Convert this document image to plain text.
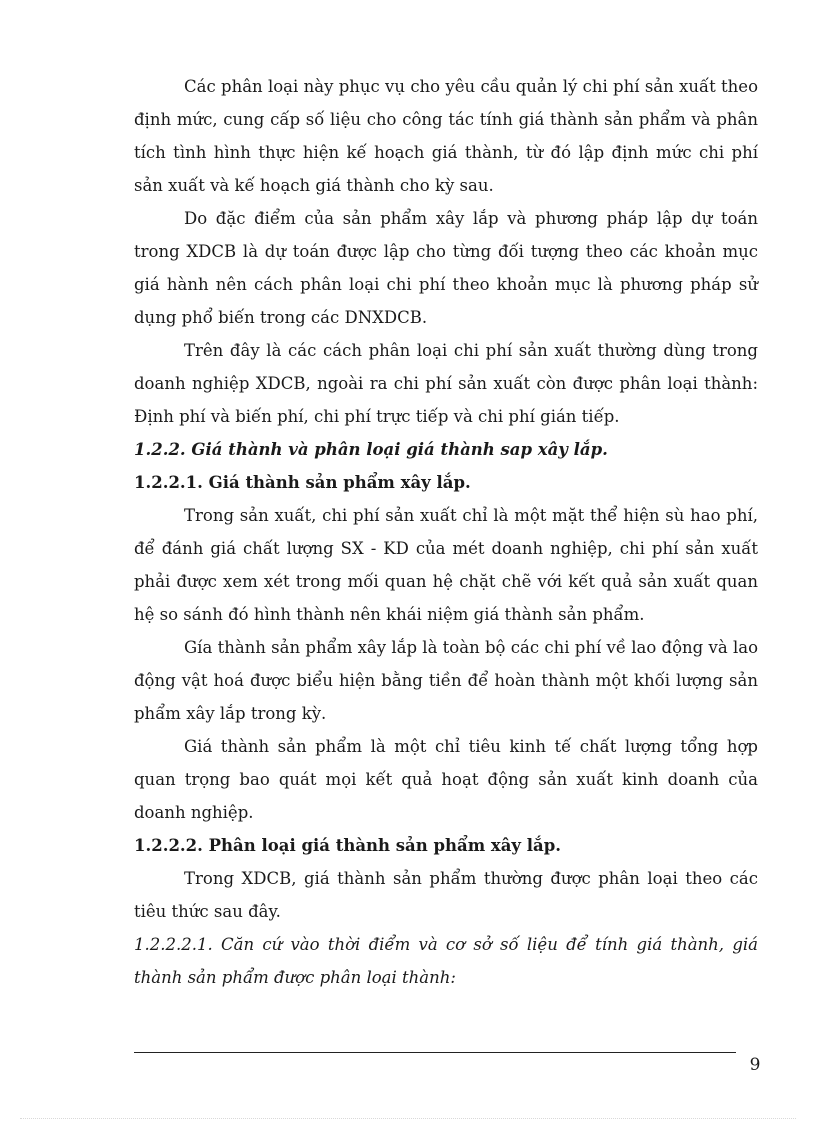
Các phân loại này phục vụ cho yêu cầu quản lý chi phí sản xuất theo định mức, cung cấp số liệu cho công tác tính giá thành sản phẩm và phân tích tình hình thực hiện kế hoạch giá thành, từ đó lập định mức chi phí sản xuất và kế hoạch giá thành cho kỳ sau.

Do đặc điểm của sản phẩm xây lắp và phương pháp lập dự toán trong XDCB là dự toán được lập cho từng đối tượng theo các khoản mục giá hành nên cách phân loại chi phí theo khoản mục là phương pháp sử dụng phổ biến trong các DNXDCB.

Trên đây là các cách phân loại chi phí sản xuất thường dùng trong doanh nghiệp XDCB, ngoài ra chi phí sản xuất còn được phân loại thành: Định phí và biến phí, chi phí trực tiếp và chi phí gián tiếp.

1.2.2. Giá thành và phân loại giá thành sap xây lắp.

1.2.2.1. Giá thành sản phẩm xây lắp.

Trong sản xuất, chi phí sản xuất chỉ là một mặt thể hiện sù hao phí, để đánh giá chất lượng SX - KD của mét doanh nghiệp, chi phí sản xuất phải được xem xét trong mối quan hệ chặt chẽ với kết quả sản xuất quan hệ so sánh đó hình thành nên khái niệm giá thành sản phẩm.

Gía thành sản phẩm xây lắp là toàn bộ các chi phí về lao động và lao động vật hoá được biểu hiện bằng tiền để hoàn thành một khối lượng sản phẩm xây lắp trong kỳ.

Giá thành sản phẩm là một chỉ tiêu kinh tế chất lượng tổng hợp quan trọng bao quát mọi kết quả hoạt động sản xuất kinh doanh của doanh nghiệp.

1.2.2.2. Phân loại giá thành sản phẩm xây lắp.

Trong XDCB, giá thành sản phẩm thường được phân loại theo các tiêu thức sau đây.

1.2.2.2.1. Căn cứ vào thời điểm và cơ sở số liệu để tính giá thành, giá thành sản phẩm được phân loại thành:

9
